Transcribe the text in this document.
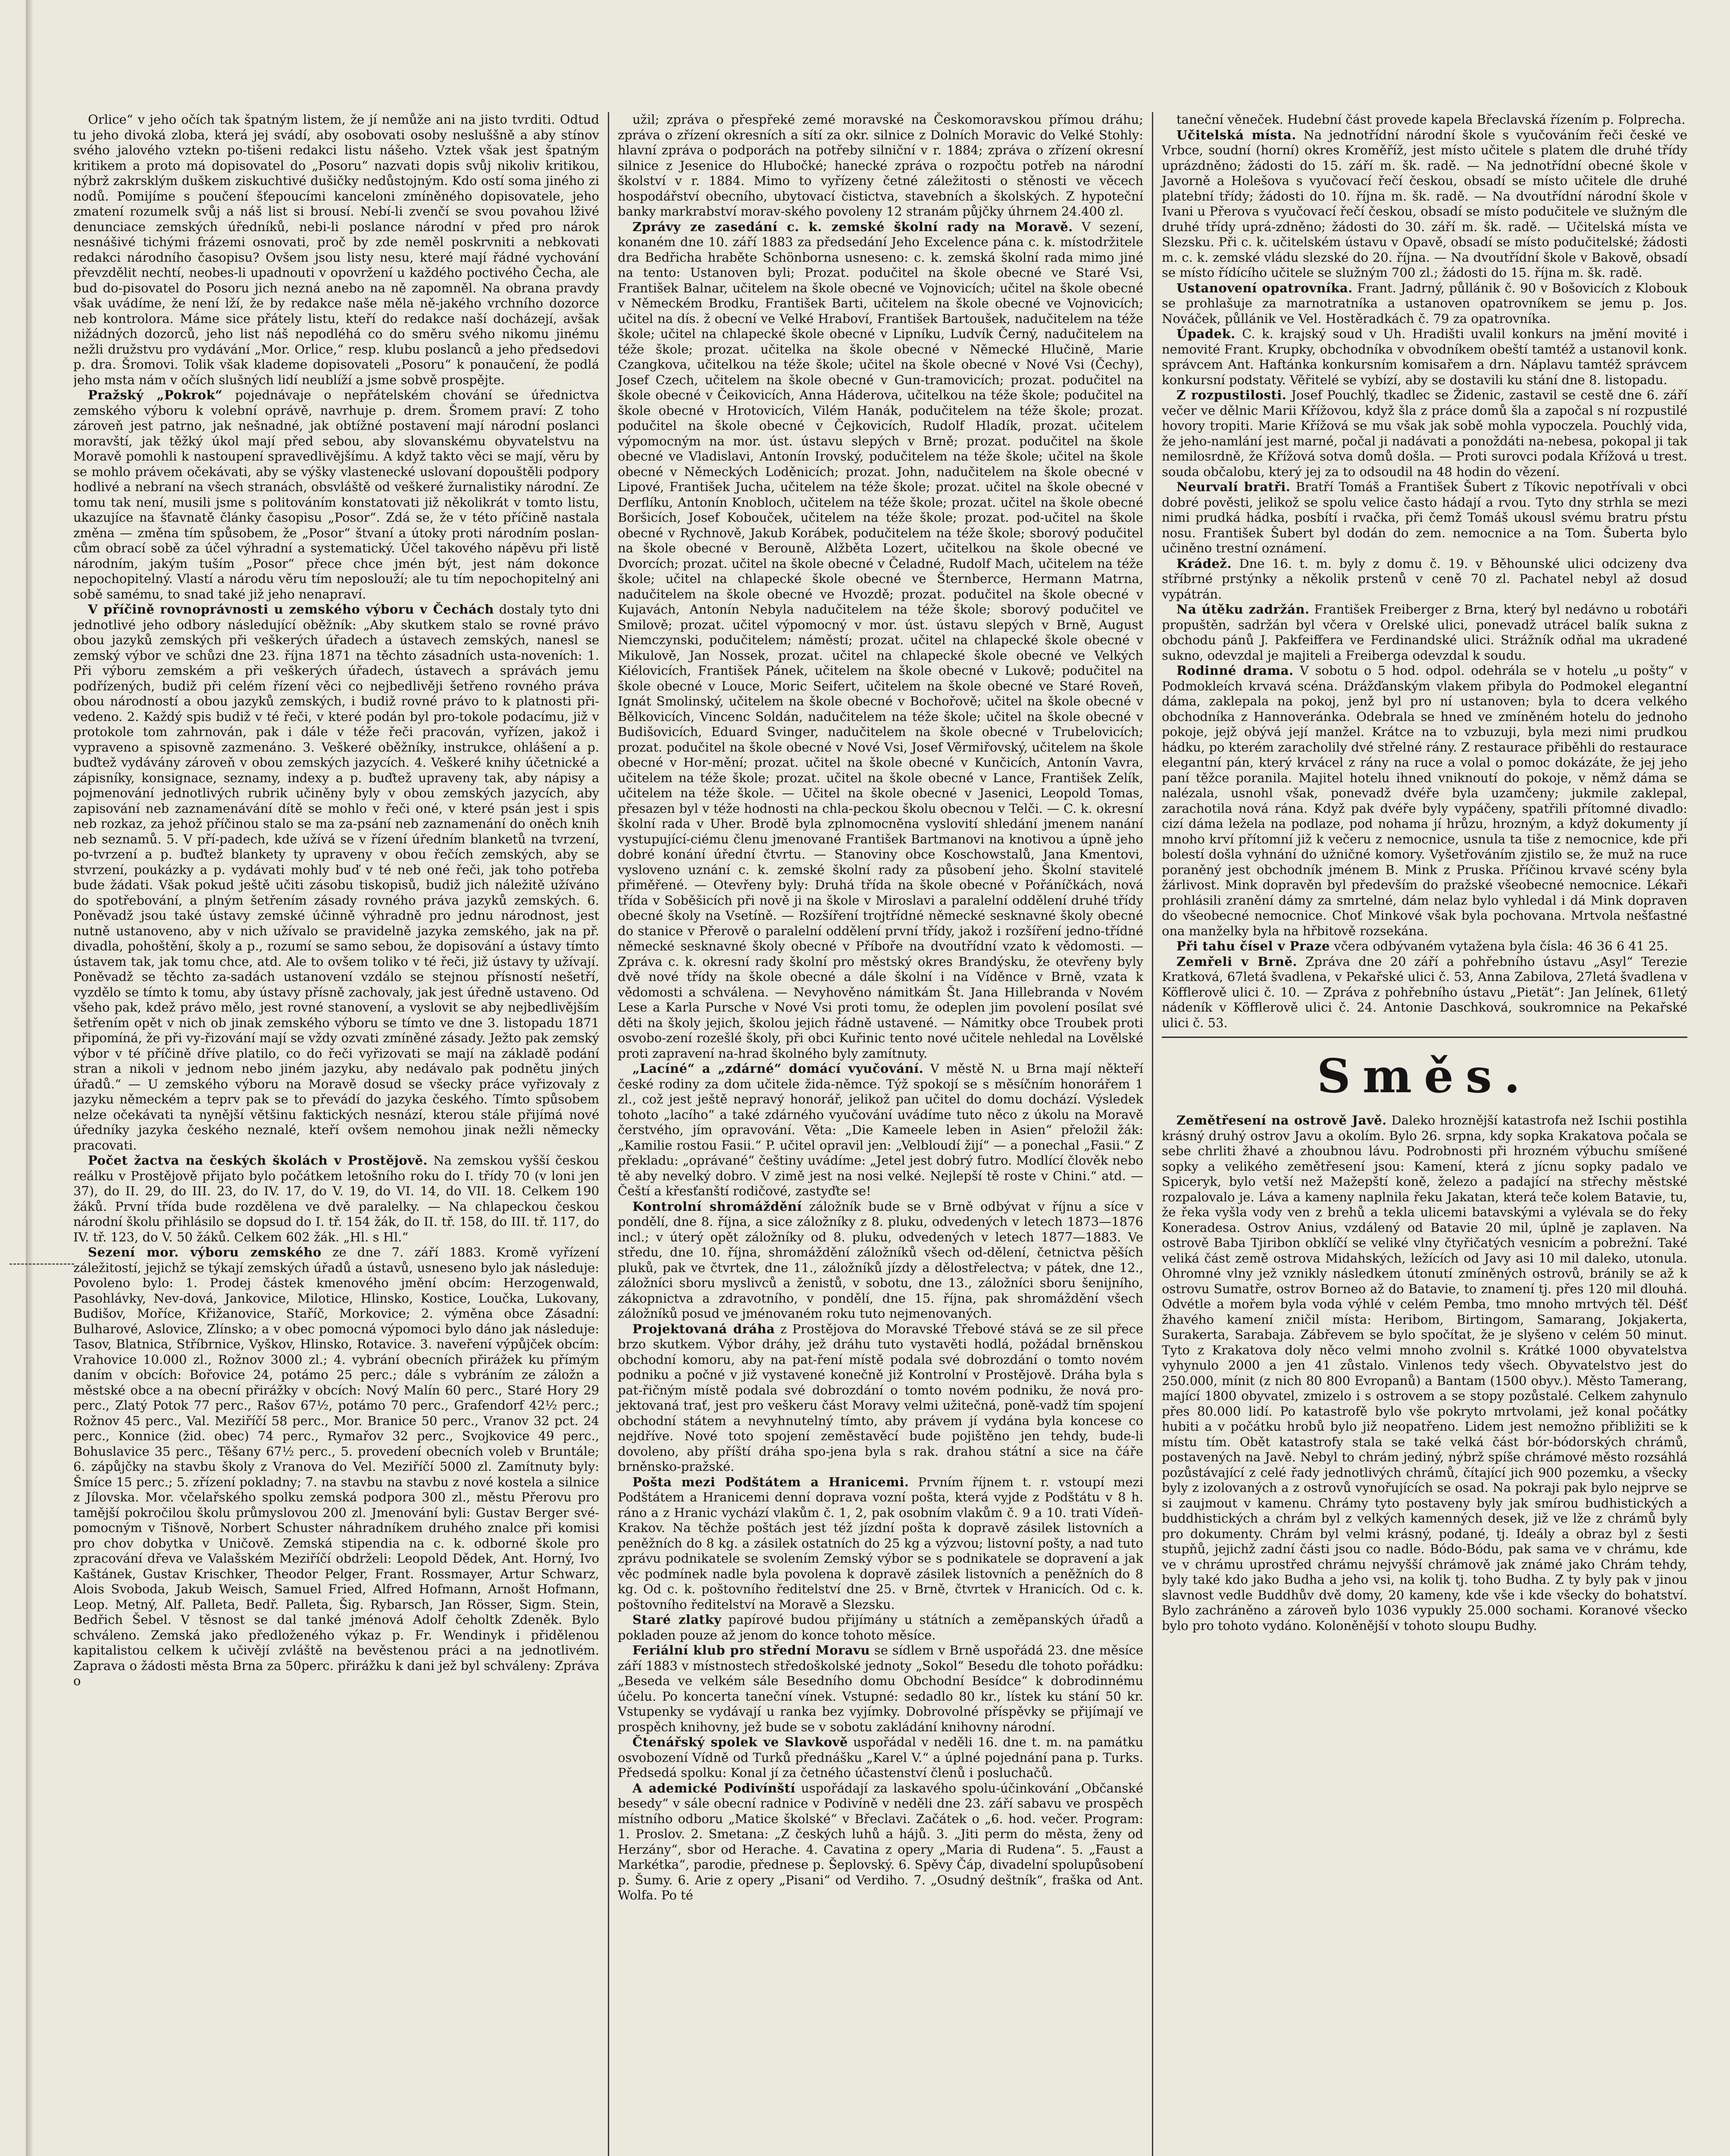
Orlice“ v jeho očích tak špatným listem, že jí nemůže ani na jisto tvrditi. Odtud tu jeho divoká zloba, která jej svádí, aby osobovati osoby nesluššně a aby stínov svého jalového vztekn po-tišeni redakci listu nášeho. Vztek však jest špatným kritikem a proto má dopisovatel do „Posoru“ nazvati dopis svůj nikoliv kritikou, nýbrž zakrsklým duškem ziskuchtivé dušičky nedůstojným. Kdo ostí soma jiného zi nodů. Pomijíme s poučení šťepoucími kanceloni zmíněného dopisovatele, jeho zmatení rozumelk svůj a náš list si brousí. Nebí-li zvenčí se svou povahou lživé denunciace zemských úředníků, nebi-li poslance národní v před pro nárok nesnášivé tichými frázemi osnovati, proč by zde neměl poskrvniti a nebkovati redakci národního časopisu? Ovšem jsou listy nesu, které mají řádné vychování převzdělit nechtí, neobes-li upadnouti v opovržení u každého poctivého Čecha, ale bud do-pisovatel do Posoru jich nezná anebo na ně zapomněl. Na obrana pravdy však uvádíme, že není lží, že by redakce naše měla ně-jakého vrchního dozorce neb kontrolora. Máme sice přátely listu, kteří do redakce naší docházejí, avšak nižádných dozorců, jeho list náš nepodléhá co do směru svého nikomu jinému nežli družstvu pro vydávání „Mor. Orlice,“ resp. klubu poslanců a jeho předsedovi p. dra. Šromovi. Tolik však klademe dopisovateli „Posoru“ k ponaučení, že podlá jeho msta nám v očích slušných lidí neublíží a jsme sobvě prospějte.

Pražský „Pokrok“ pojednávaje o nepřátelském chování se úřednictva zemského výboru k volební oprávě, navrhuje p. drem. Šromem praví: Z toho zároveň jest patrno, jak nešnadné, jak obtížné postavení mají národní poslanci moravští, jak těžký úkol mají před sebou, aby slovanskému obyvatelstvu na Moravě pomohli k nastoupení spravedlivějšímu. A když takto věci se mají, věru by se mohlo právem očekávati, aby se výšky vlastenecké uslovaní dopouštěli podpory hodlivé a nebraní na všech stranách, obsvláště od veškeré žurnalistiky národní. Ze tomu tak není, musili jsme s politováním konstatovati již několikrát v tomto listu, ukazujíce na šťavnatě články časopisu „Posor“. Zdá se, že v této příčině nastala změna — změna tím spůsobem, že „Posor“ štvaní a útoky proti národním poslan-cům obrací sobě za účel výhradní a systematický. Účel takového nápěvu při listě národním, jakým tuším „Posor“ přece chce jmén být, jest nám dokonce nepochopitelný. Vlastí a národu věru tím neposlouží; ale tu tím nepochopitelný ani sobě samému, to snad také již jeho nenapraví.

V příčině rovnoprávnosti u zemského výboru v Čechách dostaly tyto dni jednotlivé jeho odbory následující oběžník: „Aby skutkem stalo se rovné právo obou jazyků zemských při veškerých úřadech a ústavech zemských, nanesl se zemský výbor ve schůzi dne 23. října 1871 na těchto zásadních usta-noveních: 1. Při výboru zemském a při veškerých úřadech, ústavech a správách jemu podřízených, budiž při celém řízení věci co nejbedlivěji šetřeno rovného práva obou národností a obou jazyků zemských, i budiž rovné právo to k platnosti při-vedeno. 2. Každý spis budiž v té řeči, v které podán byl pro-tokole podacímu, již v protokole tom zahrnován, pak i dále v téže řeči pracován, vyřízen, jakož i vypraveno a spisovně zazmenáno. 3. Veškeré oběžníky, instrukce, ohlášení a p. buďtež vydávány zároveň v obou zemských jazycích. 4. Veškeré knihy účetnické a zápisníky, konsignace, seznamy, indexy a p. buďtež upraveny tak, aby nápisy a pojmenování jednotlivých rubrik učiněny byly v obou zemských jazycích, aby zapisování neb zaznamenávání dítě se mohlo v řeči oné, v které psán jest i spis neb rozkaz, za jehož příčinou stalo se ma za-psání neb zaznamenání do oněch knih neb seznamů. 5. V pří-padech, kde užívá se v řízení úředním blanketů na tvrzení, po-tvrzení a p. buďtež blankety ty upraveny v obou řečích zemských, aby se stvrzení, poukázky a p. vydávati mohly buď v té neb oné řeči, jak toho potřeba bude žádati. Však pokud ještě učiti zásobu tiskopisů, budiž jich náležitě užíváno do spotřebování, a plným šetřením zásady rovného práva jazyků zemských. 6. Poněvadž jsou také ústavy zemské účinně výhradně pro jednu národnost, jest nutně ustanoveno, aby v nich užívalo se pravidelně jazyka zemského, jak na př. divadla, pohoštění, školy a p., rozumí se samo sebou, že dopisování a ústavy tímto ústavem tak, jak tomu chce, atd. Ale to ovšem toliko v té řeči, již ústavy ty užívají. Poněvadž se těchto za-sadách ustanovení vzdálo se stejnou přísností nešetří, vyzdělo se tímto k tomu, aby ústavy přísně zachovaly, jak jest úředně ustaveno. Od všeho pak, kdež právo mělo, jest rovné stanovení, a vyslovit se aby nejbedlivějším šetřením opět v nich ob jinak zemského výboru se tímto ve dne 3. listopadu 1871 připomíná, že při vy-řizování mají se vždy ozvati zmíněné zásady. Ježto pak zemský výbor v té příčině dříve platilo, co do řeči vyřizovati se mají na základě podání stran a nikoli v jednom nebo jiném jazyku, aby nedávalo pak podnětu jiných úřadů.“ — U zemského výboru na Moravě dosud se všecky práce vyřizovaly z jazyku německém a teprv pak se to převádí do jazyka českého. Tímto spůsobem nelze očekávati ta nynější většinu faktických nesnází, kterou stále přijímá nové úředníky jazyka českého neznalé, kteří ovšem nemohou jinak nežli německy pracovati.

Počet žactva na českých školách v Prostějově. Na zemskou vyšší českou reálku v Prostějově přijato bylo počátkem letošního roku do I. třídy 70 (v loni jen 37), do II. 29, do III. 23, do IV. 17, do V. 19, do VI. 14, do VII. 18. Celkem 190 žáků. První třída bude rozdělena ve dvě paralelky. — Na chlapeckou českou národní školu přihlásilo se dopsud do I. tř. 154 žák, do II. tř. 158, do III. tř. 117, do IV. tř. 123, do V. 50 žáků. Celkem 602 žák. „Hl. s Hl.“

Sezení mor. výboru zemského ze dne 7. září 1883. Kromě vyřízení záležitostí, jejichž se týkají zemských úřadů a ústavů, usneseno bylo jak následuje: Povoleno bylo: 1. Prodej částek kmenového jmění obcím: Herzogenwald, Pasohlávky, Nev-dová, Jankovice, Milotice, Hlinsko, Kostice, Loučka, Lukovany, Budišov, Moříce, Křižanovice, Staříč, Morkovice; 2. výměna obce Zásadní: Bulharové, Aslovice, Zlínsko; a v obec pomocná výpomoci bylo dáno jak následuje: Tasov, Blatnica, Stříbrnice, Vyškov, Hlinsko, Rotavice. 3. naveření výpůjček obcím: Vrahovice 10.000 zl., Rožnov 3000 zl.; 4. vybrání obecních přirážek ku přímým daním v obcích: Bořovice 24, potámo 25 perc.; dále s vybráním ze záložn a městské obce a na obecní přirážky v obcích: Nový Malín 60 perc., Staré Hory 29 perc., Zlatý Potok 77 perc., Rašov 67½, potámo 70 perc., Grafendorf 42½ perc.; Rožnov 45 perc., Val. Meziříčí 58 perc., Mor. Branice 50 perc., Vranov 32 pct. 24 perc., Konnice (žid. obec) 74 perc., Rymařov 32 perc., Svojkovice 49 perc., Bohuslavice 35 perc., Těšany 67½ perc., 5. provedení obecních voleb v Bruntále; 6. zápůjčky na stavbu školy z Vranova do Vel. Meziříčí 5000 zl. Zamítnuty byly: Šmíce 15 perc.; 5. zřízení pokladny; 7. na stavbu na stavbu z nové kostela a silnice z Jílovska. Mor. včelařského spolku zemská podpora 300 zl., městu Přerovu pro tamější pokročilou školu průmyslovou 200 zl. Jmenování byli: Gustav Berger své-pomocným v Tišnově, Norbert Schuster náhradníkem druhého znalce při komisi pro chov dobytka v Uničově. Zemská stipendia na c. k. odborné škole pro zpracování dřeva ve Valašském Meziříčí obdrželi: Leopold Dědek, Ant. Horný, Ivo Kaštánek, Gustav Krischker, Theodor Pelger, Frant. Rossmayer, Artur Schwarz, Alois Svoboda, Jakub Weisch, Samuel Fried, Alfred Hofmann, Arnošt Hofmann, Leop. Metný, Alf. Palleta, Bedř. Palleta, Šig. Rybarsch, Jan Rösser, Sigm. Stein, Bedřich Šebel. V těsnost se dal tanké jménová Adolf čeholtk Zdeněk. Bylo schváleno. Zemská jako předloženého výkaz p. Fr. Wendinyk i přidělenou kapitalistou celkem k učivějí zvláště na bevěstenou práci a na jednotlivém. Zaprava o žádosti města Brna za 50perc. přirážku k dani jež byl schváleny: Zpráva o

užil; zpráva o přespřeké zemé moravské na Českomoravskou přímou dráhu; zpráva o zřízení okresních a sítí za okr. silnice z Dolních Moravic do Velké Stohly: hlavní zpráva o podporách na potřeby silniční v r. 1884; zpráva o zřízení okresní silnice z Jesenice do Hlubočké; hanecké zpráva o rozpočtu potřeb na národní školství v r. 1884. Mimo to vyřízeny četné záležitosti o stěnosti ve věcech hospodářství obecního, ubytovací čistictva, stavebních a školských. Z hypoteční banky markrabství morav-ského povoleny 12 stranám půjčky úhrnem 24.400 zl.

Zprávy ze zasedání c. k. zemské školní rady na Moravě. V sezení, konaném dne 10. září 1883 za předsedání Jeho Excelence pána c. k. místodržitele dra Bedřicha hraběte Schönborna usneseno: c. k. zemská školní rada mimo jiné na tento: Ustanoven byli; Prozat. podučitel na škole obecné ve Staré Vsi, František Balnar, učitelem na škole obecné ve Vojnovicích; učitel na škole obecné v Německém Brodku, František Barti, učitelem na škole obecné ve Vojnovicích; učitel na dís. ž obecní ve Velké Hraboví, František Bartoušek, nadučitelem na téže škole; učitel na chlapecké škole obecné v Lipníku, Ludvík Černý, nadučitelem na téže škole; prozat. učitelka na škole obecné v Německé Hlučině, Marie Czangkova, učitelkou na téže škole; učitel na škole obecné v Nové Vsi (Čechy), Josef Czech, učitelem na škole obecné v Gun-tramovicích; prozat. podučitel na škole obecné v Čeikovicích, Anna Háderova, učitelkou na téže škole; podučitel na škole obecné v Hrotovicích, Vilém Hanák, podučitelem na téže škole; prozat. podučitel na škole obecné v Čejkovicích, Rudolf Hladík, prozat. učitelem výpomocným na mor. úst. ústavu slepých v Brně; prozat. podučitel na škole obecné ve Vladislavi, Antonín Irovský, podučitelem na téže škole; učitel na škole obecné v Německých Loděnicích; prozat. John, nadučitelem na škole obecné v Lipové, František Jucha, učitelem na téže škole; prozat. učitel na škole obecné v Derflíku, Antonín Knobloch, učitelem na téže škole; prozat. učitel na škole obecné Boršicích, Josef Kobouček, učitelem na téže škole; prozat. pod-učitel na škole obecné v Rychnově, Jakub Korábek, podučitelem na téže škole; sborový podučitel na škole obecné v Berouně, Alžběta Lozert, učitelkou na škole obecné ve Dvorcích; prozat. učitel na škole obecné v Čeladné, Rudolf Mach, učitelem na téže škole; učitel na chlapecké škole obecné ve Šternberce, Hermann Matrna, nadučitelem na škole obecné ve Hvozdě; prozat. podučitel na škole obecné v Kujavách, Antonín Nebyla nadučitelem na téže škole; sborový podučitel ve Smilově; prozat. učitel výpomocný v mor. úst. ústavu slepých v Brně, August Niemczynski, podučitelem; náměstí; prozat. učitel na chlapecké škole obecné v Mikulově, Jan Nossek, prozat. učitel na chlapecké škole obecné ve Velkých Kiélovicích, František Pánek, učitelem na škole obecné v Lukově; podučitel na škole obecné v Louce, Moric Seifert, učitelem na škole obecné ve Staré Roveň, Ignát Smolinský, učitelem na škole obecné v Bochořově; učitel na škole obecné v Bělkovicích, Vincenc Soldán, nadučitelem na téže škole; učitel na škole obecné v Budišovicích, Eduard Svinger, nadučitelem na škole obecné v Trubelovicích; prozat. podučitel na škole obecné v Nové Vsi, Josef Věrmiřovský, učitelem na škole obecné v Hor-mění; prozat. učitel na škole obecné v Kunčicích, Antonín Vavra, učitelem na téže škole; prozat. učitel na škole obecné v Lance, František Zelík, učitelem na téže škole. — Učitel na škole obecné v Jasenici, Leopold Tomas, přesazen byl v téže hodnosti na chla-peckou školu obecnou v Telči. — C. k. okresní školní rada v Uher. Brodě byla zplnomocněna vyslovití shledání jmenem nanání vystupující-ciému členu jmenované František Bartmanovi na knotivou a úpně jeho dobré konání úřední čtvrtu. — Stanoviny obce Koschowstalů, Jana Kmentovi, vysloveno uznání c. k. zemské školní rady za působení jeho. Školní stavitelé přiměřené. — Otevřeny byly: Druhá třída na škole obecné v Pořáníčkách, nová třída v Soběšicích při nově ji na škole v Miroslavi a paralelní oddělení druhé třídy obecné školy na Vsetíně. — Rozšíření trojtřídné německé sesknavné školy obecné do stanice v Přerově o paralelní oddělení první třídy, jakož i rozšíření jedno-třídné německé sesknavné školy obecné v Příboře na dvoutřídní vzato k vědomosti. — Zpráva c. k. okresní rady školní pro městský okres Brandýsku, že otevřeny byly dvě nové třídy na škole obecné a dále školní i na Víděnce v Brně, vzata k vědomosti a schválena. — Nevyhověno námitkám Št. Jana Hillebranda v Novém Lese a Karla Pursche v Nové Vsi proti tomu, že odeplen jim povolení posílat své děti na školy jejich, školou jejich řádně ustavené. — Námitky obce Troubek proti osvobo-zení rozešlé školy, při obci Kuřinic tento nové učitele nehledal na Lovělské proti zapravení na-hrad školného byly zamítnuty.

„Lacíné“ a „zdárné“ domácí vyučování. V městě N. u Brna mají někteří české rodiny za dom učitele žida-němce. Týž spokojí se s měsíčním honorářem 1 zl., což jest ještě nepravý honorář, jelikož pan učitel do domu dochází. Výsledek tohoto „lacího“ a také zdárného vyučování uvádíme tuto něco z úkolu na Moravě čerstvého, jím opravování. Věta: „Die Kameele leben in Asien“ přeložil žák: „Kamilie rostou Fasii.“ P. učitel opravil jen: „Velbloudí žijí“ — a ponechal „Fasii.“ Z překladu: „oprávané“ češtiny uvádíme: „Jetel jest dobrý futro. Modlící člověk nebo tě aby nevelký dobro. V zimě jest na nosi velké. Nejlepší tě roste v Chini.“ atd. — Čeští a křesťanští rodičové, zastyďte se!

Kontrolní shromáždění záložník bude se v Brně odbývat v říjnu a síce v pondělí, dne 8. října, a sice záložníky z 8. pluku, odvedených v letech 1873—1876 incl.; v úterý opět záložníky od 8. pluku, odvedených v letech 1877—1883. Ve středu, dne 10. října, shromáždění záložníků všech od-dělení, četnictva pěších pluků, pak ve čtvrtek, dne 11., záložníků jízdy a dělostřelectva; v pátek, dne 12., záložníci sboru myslivců a ženistů, v sobotu, dne 13., záložníci sboru šenijního, zákopnictva a zdravotního, v pondělí, dne 15. října, pak shromáždění všech záložníků posud ve jménovaném roku tuto nejmenovaných.

Projektovaná dráha z Prostějova do Moravské Třebové stává se ze sil přece brzo skutkem. Výbor dráhy, jež dráhu tuto vystavěti hodlá, požádal brněnskou obchodní komoru, aby na pat-ření místě podala své dobrozdání o tomto novém podniku a počné v již vystavené konečně již Kontrolní v Prostějově. Dráha byla s pat-řičným místě podala své dobrozdání o tomto novém podniku, že nová pro-jektovaná trať, jest pro veškeru část Moravy velmi užitečná, poně-vadž tím spojení obchodní státem a nevyhnutelný tímto, aby právem jí vydána byla koncese co nejdříve. Nové toto spojení zeměstavěcí bude pojištěno jen tehdy, bude-li dovoleno, aby příští dráha spo-jena byla s rak. drahou státní a sice na čáře brněnsko-pražské.

Pošta mezi Podštátem a Hranicemi. Prvním říjnem t. r. vstoupí mezi Podštátem a Hranicemi denní doprava vozní pošta, která vyjde z Podštátu v 8 h. ráno a z Hranic vychází vlakům č. 1, 2, pak osobním vlakům č. 9 a 10. trati Vídeň-Krakov. Na těchže poštách jest též jízdní pošta k dopravě zásilek listovních a peněžních do 8 kg. a zásilek ostatních do 25 kg a výzvou; listovní pošty, a nad tuto zprávu podnikatele se svolením Zemský výbor se s podnikatele se dopravení a jak věc podmínek nadle byla povolena k dopravě zásilek listovních a peněžních do 8 kg. Od c. k. poštovního ředitelství dne 25. v Brně, čtvrtek v Hranicích. Od c. k. poštovního ředitelství na Moravě a Slezsku.

Staré zlatky papírové budou přijímány u státních a zeměpanských úřadů a pokladen pouze až jenom do konce tohoto měsíce.

Feriální klub pro střední Moravu se sídlem v Brně uspořádá 23. dne měsíce září 1883 v místnostech středoškolské jednoty „Sokol“ Besedu dle tohoto pořádku: „Beseda ve velkém sále Besedního domu Obchodní Besídce“ k dobrodinnému účelu. Po koncerta taneční vínek. Vstupné: sedadlo 80 kr., lístek ku stání 50 kr. Vstupenky se vydávají u ranka bez vyjímky. Dobrovolné příspěvky se přijímají ve prospěch knihovny, jež bude se v sobotu zakládání knihovny národní.

Čtenářský spolek ve Slavkově uspořádal v neděli 16. dne t. m. na památku osvobození Vídně od Turků přednášku „Karel V.“ a úplné pojednání pana p. Turks. Předsedá spolku: Konal jí za četného účastenství členů i posluchačů.

A ademické Podivínští uspořádají za laskavého spolu-účinkování „Občanské besedy“ v sále obecní radnice v Podivíně v neděli dne 23. září sabavu ve prospěch místního odboru „Matice školské“ v Břeclavi. Začátek o „6. hod. večer. Program: 1. Proslov. 2. Smetana: „Z českých luhů a hájů. 3. „Jiti perm do města, ženy od Herzány“, sbor od Herache. 4. Cavatina z opery „Maria di Rudena“. 5. „Faust a Markétka“, parodie, přednese p. Šeplovský. 6. Spěvy Čáp, divadelní spolupůsobení p. Šumy. 6. Arie z opery „Pisani“ od Verdiho. 7. „Osudný deštník“, fraška od Ant. Wolfa. Po té

taneční věneček. Hudební část provede kapela Břeclavská řízením p. Folprecha.

Učitelská místa. Na jednotřídní národní škole s vyučováním řeči české ve Vrbce, soudní (horní) okres Kroměříž, jest místo učitele s platem dle druhé třídy uprázdněno; žádosti do 15. září m. šk. radě. — Na jednotřídní obecné škole v Javorně a Holešova s vyučovací řečí českou, obsadí se místo učitele dle druhé platební třídy; žádosti do 10. října m. šk. radě. — Na dvoutřídní národní škole v Ivani u Přerova s vyučovací řečí českou, obsadí se místo podučitele ve služným dle druhé třídy uprá-zdněno; žádosti do 30. září m. šk. radě. — Učitelská místa ve Slezsku. Při c. k. učitelském ústavu v Opavě, obsadí se místo podučitelské; žádosti m. c. k. zemské vládu slezské do 20. října. — Na dvoutřídní škole v Bakově, obsadí se místo řídícího učitele se služným 700 zl.; žádosti do 15. října m. šk. radě.

Ustanovení opatrovníka. Frant. Jadrný, půllánik č. 90 v Bošovicích z Klobouk se prohlašuje za marnotratníka a ustanoven opatrovníkem se jemu p. Jos. Nováček, půllánik ve Vel. Hostěradkách č. 79 za opatrovníka.

Úpadek. C. k. krajský soud v Uh. Hradišti uvalil konkurs na jmění movité i nemovité Frant. Krupky, obchodníka v obvodníkem obeští tamtéž a ustanovil konk. správcem Ant. Haftánka konkursním komisařem a drn. Náplavu tamtéž správcem konkursní podstaty. Věřitelé se vybízí, aby se dostavili ku stání dne 8. listopadu.

Z rozpustilosti. Josef Pouchlý, tkadlec se Židenic, zastavil se cestě dne 6. září večer ve dělnic Marii Křížovou, když šla z práce domů šla a započal s ní rozpustilé hovory tropiti. Marie Křížová se mu však jak sobě mohla vypoczela. Pouchlý vida, že jeho-namlání jest marné, počal ji nadávati a ponoždáti na-nebesa, pokopal ji tak nemilosrdně, že Křížová sotva domů došla. — Proti surovci podala Křížová u trest. souda občalobu, který jej za to odsoudil na 48 hodin do vězení.

Neurvalí bratři. Bratří Tomáš a František Šubert z Tíkovic nepotřívali v obci dobré pověsti, jelikož se spolu velice často hádají a rvou. Tyto dny strhla se mezi nimi prudká hádka, posbítí i rvačka, při čemž Tomáš ukousl svému bratru pŕstu nosu. František Šubert byl dodán do zem. nemocnice a na Tom. Šuberta bylo učiněno trestní oznámení.

Krádež. Dne 16. t. m. byly z domu č. 19. v Běhounské ulici odcizeny dva stříbrné prstýnky a několik prstenů v ceně 70 zl. Pachatel nebyl až dosud vypátrán.

Na útěku zadržán. František Freiberger z Brna, který byl nedávno u robotáři propuštěn, sadržán byl včera v Orelské ulici, ponevadž utrácel balík sukna z obchodu pánů J. Pakfeiffera ve Ferdinandské ulici. Strážník odňal ma ukradené sukno, odevzdal je majiteli a Freiberga odevzdal k soudu.

Rodinné drama. V sobotu o 5 hod. odpol. odehrála se v hotelu „u pošty“ v Podmokleích krvavá scéna. Drážďanským vlakem přibyla do Podmokel elegantní dáma, zaklepala na pokoj, jenž byl pro ní ustanoven; byla to dcera velkého obchodníka z Hannoveránka. Odebrala se hned ve zmíněném hotelu do jednoho pokoje, jejž obývá její manžel. Krátce na to vzbuzuji, byla mezi nimi prudkou hádku, po kterém zaracholily dvé střelné rány. Z restaurace přiběhli do restaurace elegantní pán, který krvácel z rány na ruce a volal o pomoc dokázáte, že jej jeho paní těžce poranila. Majitel hotelu ihned vniknoutí do pokoje, v němž dáma se nalézala, usnohl však, ponevadž dvéře byla uzamčeny; jukmile zaklepal, zarachotila nová rána. Když pak dvéře byly vypáčeny, spatřili přítomné divadlo: cizí dáma ležela na podlaze, pod nohama jí hrůzu, hrozným, a když dokumenty jí mnoho krví přítomní již k večeru z nemocnice, usnula ta tiše z nemocnice, kde při bolestí došla vyhnání do užničné komory. Vyšetřováním zjistilo se, že muž na ruce poraněný jest obchodník jménem B. Mink z Pruska. Příčinou krvavé scény byla žárlivost. Mink dopravěn byl především do pražské všeobecné nemocnice. Lékaři prohlásili zranění dámy za smrtelné, dám nelaz bylo vyhledal i dá Mink dopraven do všeobecné nemocnice. Choť Minkové však byla pochovana. Mrtvola nešťastné ona manželky byla na hřbitově rozsekána.

Při tahu čísel v Praze včera odbývaném vytažena byla čísla: 46 36 6 41 25.

Zemřeli v Brně. Zpráva dne 20 září a pohřebního ústavu „Asyl“ Terezie Kratková, 67letá švadlena, v Pekařské ulici č. 53, Anna Zabilova, 27letá švadlena v Köfflerově ulici č. 10. — Zpráva z pohřebního ústavu „Pietät“: Jan Jelínek, 61letý nádeník v Köfflerově ulici č. 24. Antonie Daschková, soukromnice na Pekařské ulici č. 53.

Směs.

Zemětřesení na ostrově Javě. Daleko hroznější katastrofa než Ischii postihla krásný druhý ostrov Javu a okolím. Bylo 26. srpna, kdy sopka Krakatova počala se sebe chrliti žhavé a zhoubnou lávu. Podrobnosti při hrozném výbuchu smíšené sopky a velikého zemětřesení jsou: Kamení, která z jícnu sopky padalo ve Spiceryk, bylo vetší než Mažepští koně, železo a padající na střechy městské rozpalovalo je. Láva a kameny naplnila řeku Jakatan, která teče kolem Batavie, tu, že řeka vyšla vody ven z brehů a tekla ulicemi batavskými a vylévala se do řeky Koneradesa. Ostrov Anius, vzdálený od Batavie 20 mil, úplně je zaplaven. Na ostrově Baba Tjiribon obklíčí se veliké vlny čtyřičatých vesnicím a pobrežní. Také veliká část země ostrova Midahských, ležících od Javy asi 10 mil daleko, utonula. Ohromné vlny jež vznikly následkem útonutí zmíněných ostrovů, bránily se až k ostrovu Sumatře, ostrov Borneo až do Batavie, to znamení tj. přes 120 mil dlouhá. Odvétle a mořem byla voda výhlé v celém Pemba, tmo mnoho mrtvých těl. Déšť žhavého kamení zničil místa: Heribom, Birtingom, Samarang, Jokjakerta, Surakerta, Sarabaja. Zábřevem se bylo spočítat, že je slyšeno v celém 50 minut. Tyto z Krakatova doly něco velmi mnoho zvolnil s. Krátké 1000 obyvatelstva vyhynulo 2000 a jen 41 zůstalo. Vinlenos tedy všech. Obyvatelstvo jest do 250.000, mínit (z nich 80 800 Evropanů) a Bantam (1500 obyv.). Město Tamerang, mající 1800 obyvatel, zmizelo i s ostrovem a se stopy pozůstalé. Celkem zahynulo přes 80.000 lidí. Po katastrofě bylo vše pokryto mrtvolami, jež konal počátky hubiti a v počátku hrobů bylo již neopatřeno. Lidem jest nemožno přibližiti se k místu tím. Obět katastrofy stala se také velká část bór-bódorských chrámů, postavených na Javě. Nebyl to chrám jediný, nýbrž spíše chrámové město rozsáhlá pozůstávající z celé řady jednotlivých chrámů, čítající jich 900 pozemku, a všecky byly z izolovaných a z ostrovů vynořujících se osad. Na pokraji pak bylo nejprve se si zaujmout v kamenu. Chrámy tyto postaveny byly jak smírou budhistických a buddhistických a chrám byl z velkých kamenných desek, již ve lže z chrámů byly pro dokumenty. Chrám byl velmi krásný, podané, tj. Ideály a obraz byl z šesti stupňů, jejichž zadní části jsou co nadle. Bódo-Bódu, pak sama ve v chrámu, kde ve v chrámu uprostřed chrámu nejvyšší chrámově jak známé jako Chrám tehdy, byly také kdo jako Budha a jeho vsi, na kolik tj. toho Budha. Z ty byly pak v jinou slavnost vedle Buddhův dvě domy, 20 kameny, kde vše i kde všecky do bohatství. Bylo zachráněno a zároveň bylo 1036 vypukly 25.000 sochami. Koranové všecko bylo pro tohoto vydáno. Koloněnější v tohoto sloupu Budhy.
